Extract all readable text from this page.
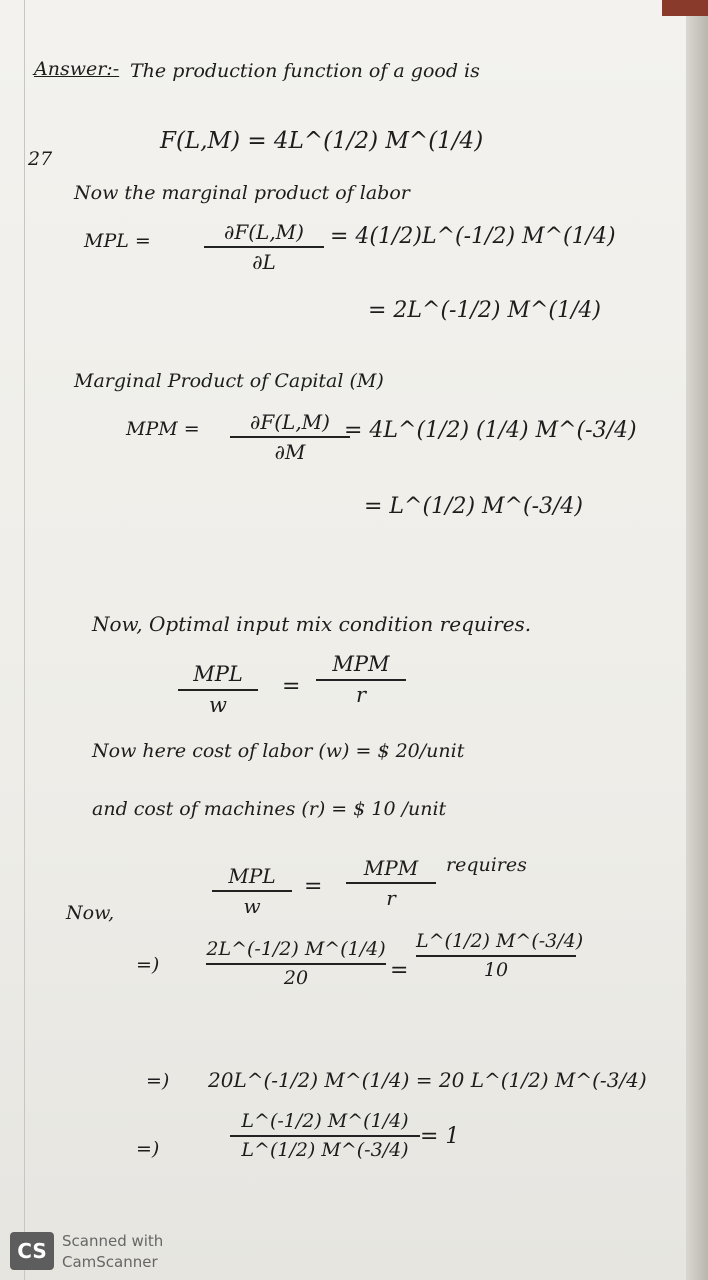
Answer:- The production function of a good is
27
F(L,M) = 4L^(1/2) M^(1/4)
Now the marginal product of labor
MPL =	∂F(L,M)
∂L
= 4(1/2)L^(-1/2) M^(1/4)
= 2L^(-1/2) M^(1/4)
Marginal Product of Capital (M)
MPM =	∂F(L,M)
∂M
= 4L^(1/2) (1/4) M^(-3/4)
= L^(1/2) M^(-3/4)
Now, Optimal input mix condition requires.
MPL
w
=
MPM
r
Now here cost of labor (w) = $ 20/unit
and cost of machines (r) = $ 10 /unit
Now,
MPL
w
=
MPM
r
requires
=)
2L^(-1/2) M^(1/4)
20	=
L^(1/2) M^(-3/4)
10
=) 20L^(-1/2) M^(1/4) = 20 L^(1/2) M^(-3/4)
=)
L^(-1/2) M^(1/4)
L^(1/2) M^(-3/4)
= 1
CS Scanned with
CamScanner
